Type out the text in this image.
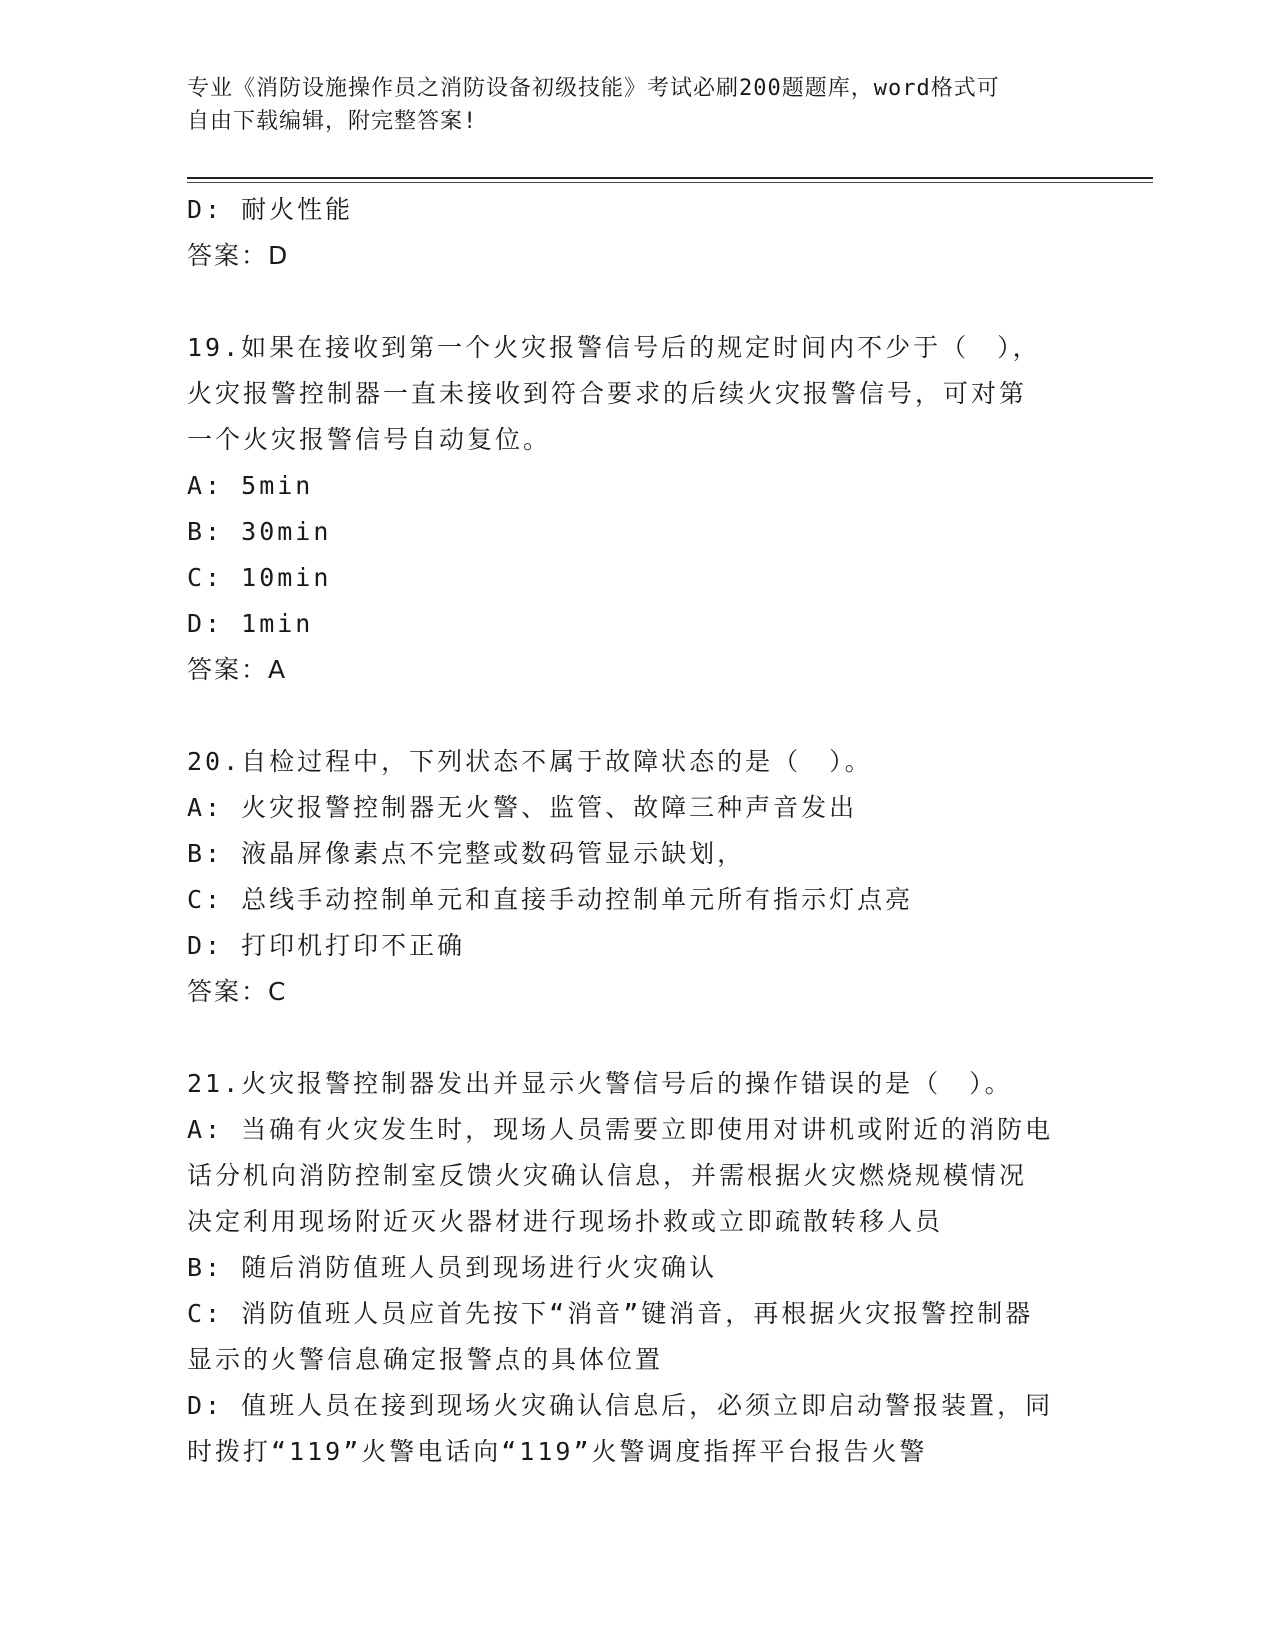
专业《消防设施操作员之消防设备初级技能》考试必刷200题题库，word格式可
自由下载编辑，附完整答案!
D: 耐火性能
答案：D
19.如果在接收到第一个火灾报警信号后的规定时间内不少于（　），
火灾报警控制器一直未接收到符合要求的后续火灾报警信号，可对第
一个火灾报警信号自动复位。
A: 5min
B: 30min
C: 10min
D: 1min
答案：A
20.自检过程中，下列状态不属于故障状态的是（　）。
A: 火灾报警控制器无火警、监管、故障三种声音发出
B: 液晶屏像素点不完整或数码管显示缺划，
C: 总线手动控制单元和直接手动控制单元所有指示灯点亮
D: 打印机打印不正确
答案：C
21.火灾报警控制器发出并显示火警信号后的操作错误的是（　）。
A: 当确有火灾发生时，现场人员需要立即使用对讲机或附近的消防电
话分机向消防控制室反馈火灾确认信息，并需根据火灾燃烧规模情况
决定利用现场附近灭火器材进行现场扑救或立即疏散转移人员
B: 随后消防值班人员到现场进行火灾确认
C: 消防值班人员应首先按下“消音”键消音，再根据火灾报警控制器
显示的火警信息确定报警点的具体位置
D: 值班人员在接到现场火灾确认信息后，必须立即启动警报装置，同
时拨打“119”火警电话向“119”火警调度指挥平台报告火警
